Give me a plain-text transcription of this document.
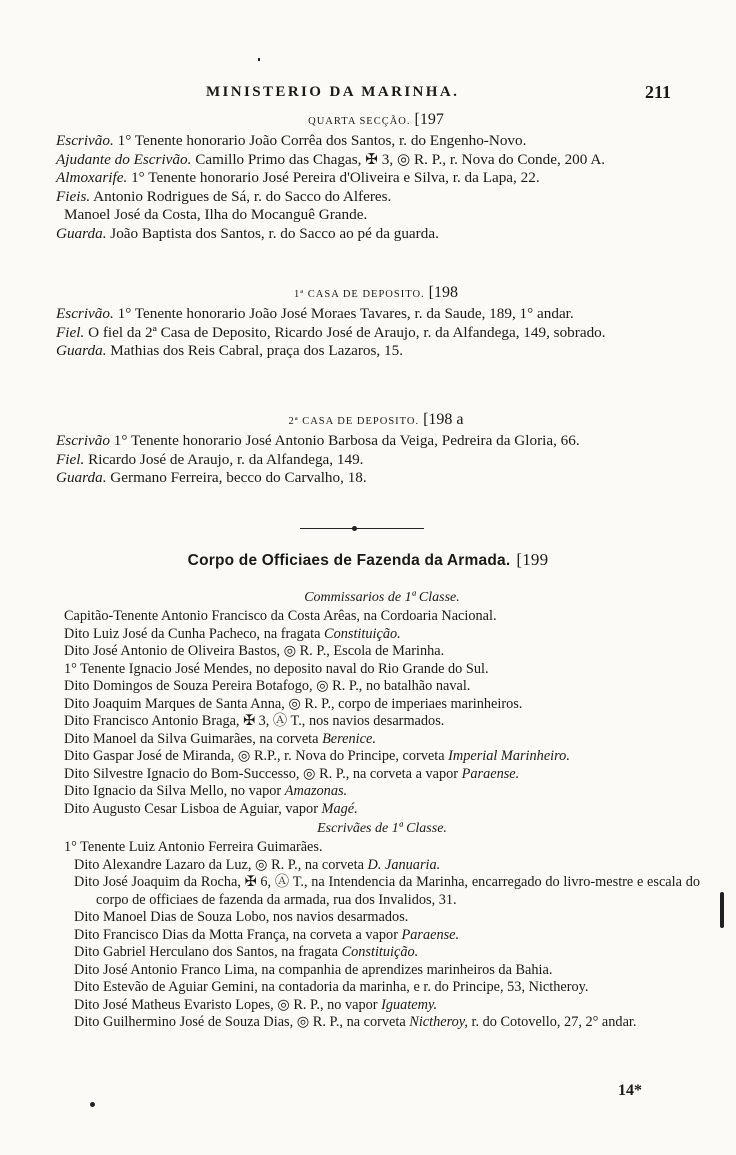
MINISTERIO DA MARINHA.	211
QUARTA SECÇÃO. [197

Escrivão. 1° Tenente honorario João Corrêa dos Santos, r. do Engenho-Novo.

Ajudante do Escrivão. Camillo Primo das Chagas, ✠ 3, ◎ R. P., r. Nova do Conde, 200 A.

Almoxarife. 1° Tenente honorario José Pereira d'Oliveira e Silva, r. da Lapa, 22.

Fieis. Antonio Rodrigues de Sá, r. do Sacco do Alferes.

Manoel José da Costa, Ilha do Mocanguê Grande.

Guarda. João Baptista dos Santos, r. do Sacco ao pé da guarda.

1ª CASA DE DEPOSITO. [198

Escrivão. 1° Tenente honorario João José Moraes Tavares, r. da Saude, 189, 1° andar.

Fiel. O fiel da 2ª Casa de Deposito, Ricardo José de Araujo, r. da Alfandega, 149, sobrado.

Guarda. Mathias dos Reis Cabral, praça dos Lazaros, 15.

2ª CASA DE DEPOSITO. [198 a

Escrivão 1° Tenente honorario José Antonio Barbosa da Veiga, Pedreira da Gloria, 66.

Fiel. Ricardo José de Araujo, r. da Alfandega, 149.

Guarda. Germano Ferreira, becco do Carvalho, 18.

Corpo de Officiaes de Fazenda da Armada. [199
Commissarios de 1ª Classe.

Capitão-Tenente Antonio Francisco da Costa Arêas, na Cordoaria Nacional.

Dito Luiz José da Cunha Pacheco, na fragata Constituição.

Dito José Antonio de Oliveira Bastos, ◎ R. P., Escola de Marinha.

1° Tenente Ignacio José Mendes, no deposito naval do Rio Grande do Sul.

Dito Domingos de Souza Pereira Botafogo, ◎ R. P., no batalhão naval.

Dito Joaquim Marques de Santa Anna, ◎ R. P., corpo de imperiaes marinheiros.

Dito Francisco Antonio Braga, ✠ 3, Ⓐ T., nos navios desarmados.

Dito Manoel da Silva Guimarães, na corveta Berenice.

Dito Gaspar José de Miranda, ◎ R.P., r. Nova do Principe, corveta Imperial Marinheiro.

Dito Silvestre Ignacio do Bom-Successo, ◎ R. P., na corveta a vapor Paraense.

Dito Ignacio da Silva Mello, no vapor Amazonas.

Dito Augusto Cesar Lisboa de Aguiar, vapor Magé.

Escrivães de 1ª Classe.

1° Tenente Luiz Antonio Ferreira Guimarães.

Dito Alexandre Lazaro da Luz, ◎ R. P., na corveta D. Januaria.

Dito José Joaquim da Rocha, ✠ 6, Ⓐ T., na Intendencia da Marinha, encarregado do livro-mestre e escala do corpo de officiaes de fazenda da armada, rua dos Invalidos, 31.

Dito Manoel Dias de Souza Lobo, nos navios desarmados.

Dito Francisco Dias da Motta França, na corveta a vapor Paraense.

Dito Gabriel Herculano dos Santos, na fragata Constituição.

Dito José Antonio Franco Lima, na companhia de aprendizes marinheiros da Bahia.

Dito Estevão de Aguiar Gemini, na contadoria da marinha, e r. do Principe, 53, Nictheroy.

Dito José Matheus Evaristo Lopes, ◎ R. P., no vapor Iguatemy.

Dito Guilhermino José de Souza Dias, ◎ R. P., na corveta Nictheroy, r. do Cotovello, 27, 2° andar.

14*
